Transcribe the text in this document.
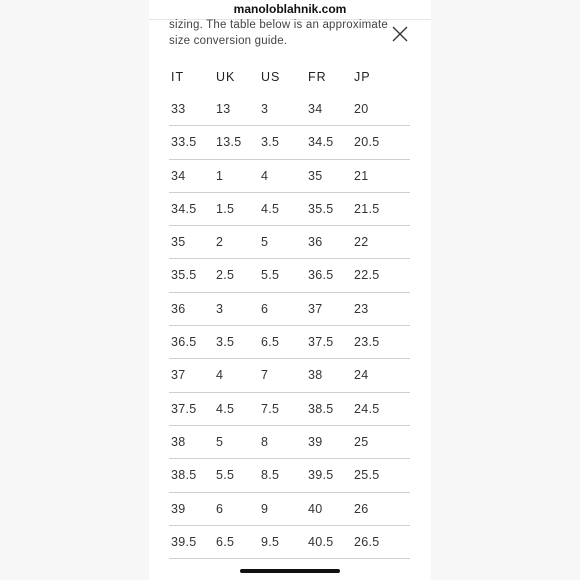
manoloblahnik.com
sizing. The table below is an approximate size conversion guide.
IT	UK US FR JP
33 13 3	34	20
33.5 13.5 3.5 34.5 20.5
34 1	4	35	21
34.5 1.5 4.5 35.5 21.5
35 2	5	36	22
35.5 2.5 5.5 36.5 22.5
36 3	6	37	23
36.5 3.5 6.5 37.5 23.5
37 4	7	38	24
37.5 4.5 7.5 38.5 24.5
38 5	8	39	25
38.5 5.5 8.5 39.5 25.5
39 6	9	40	26
39.5 6.5 9.5 40.5 26.5
